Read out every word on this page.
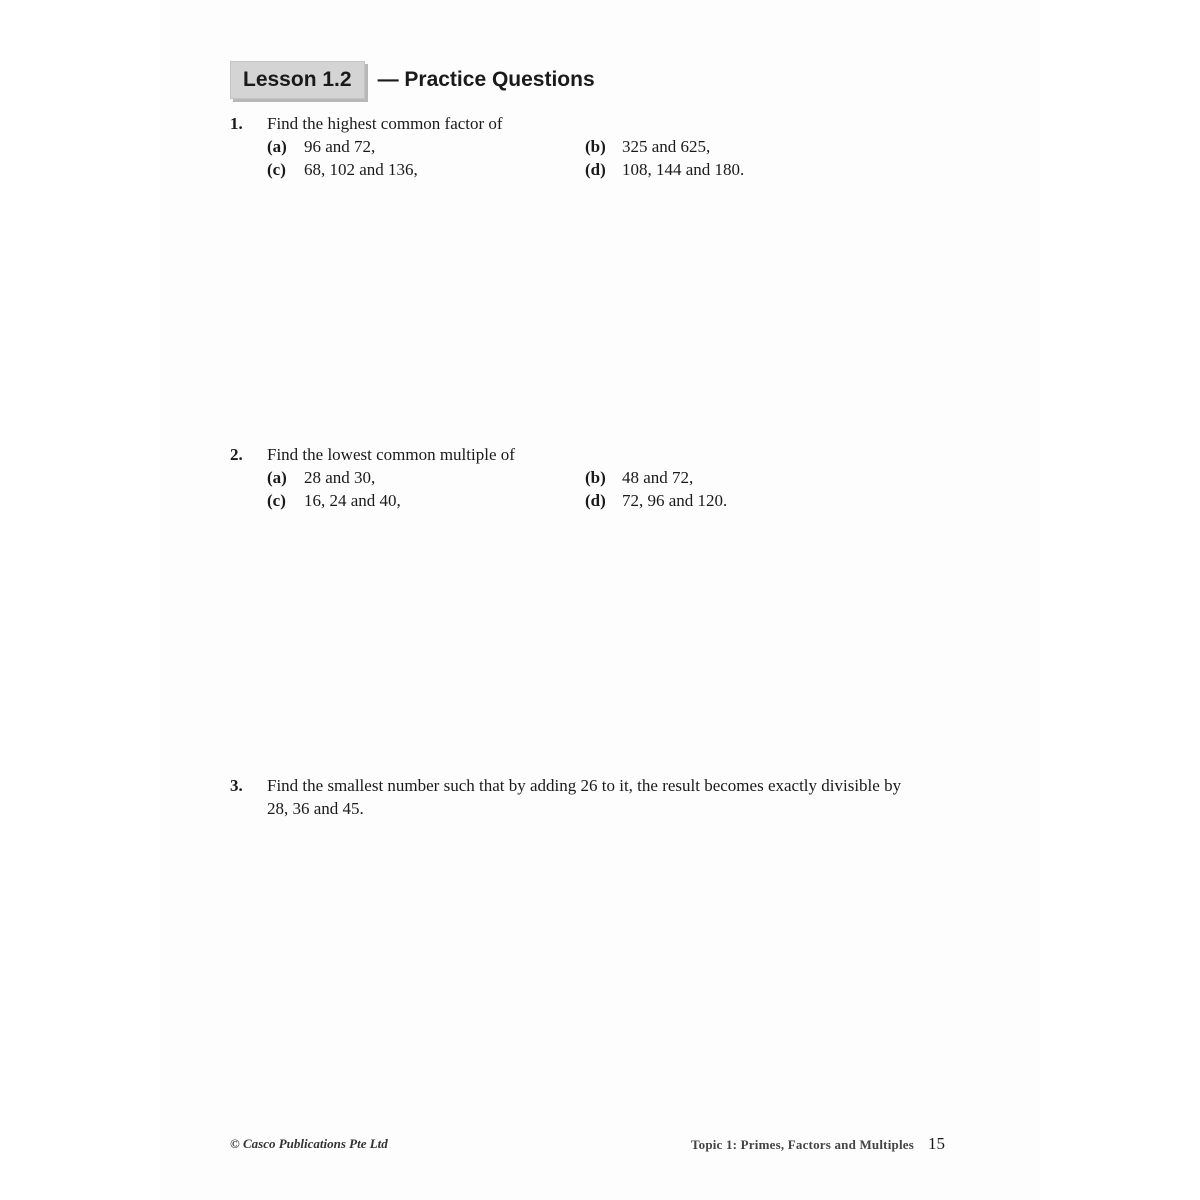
Lesson 1.2	— Practice Questions
1. Find the highest common factor of
(a) 96 and 72,	(b) 325 and 625,
(c) 68, 102 and 136,	(d) 108, 144 and 180.
2. Find the lowest common multiple of
(a) 28 and 30,	(b) 48 and 72,
(c) 16, 24 and 40,	(d) 72, 96 and 120.
3. Find the smallest number such that by adding 26 to it, the result becomes exactly divisible by
28, 36 and 45.
© Casco Publications Pte Ltd	Topic 1: Primes, Factors and Multiples 15
